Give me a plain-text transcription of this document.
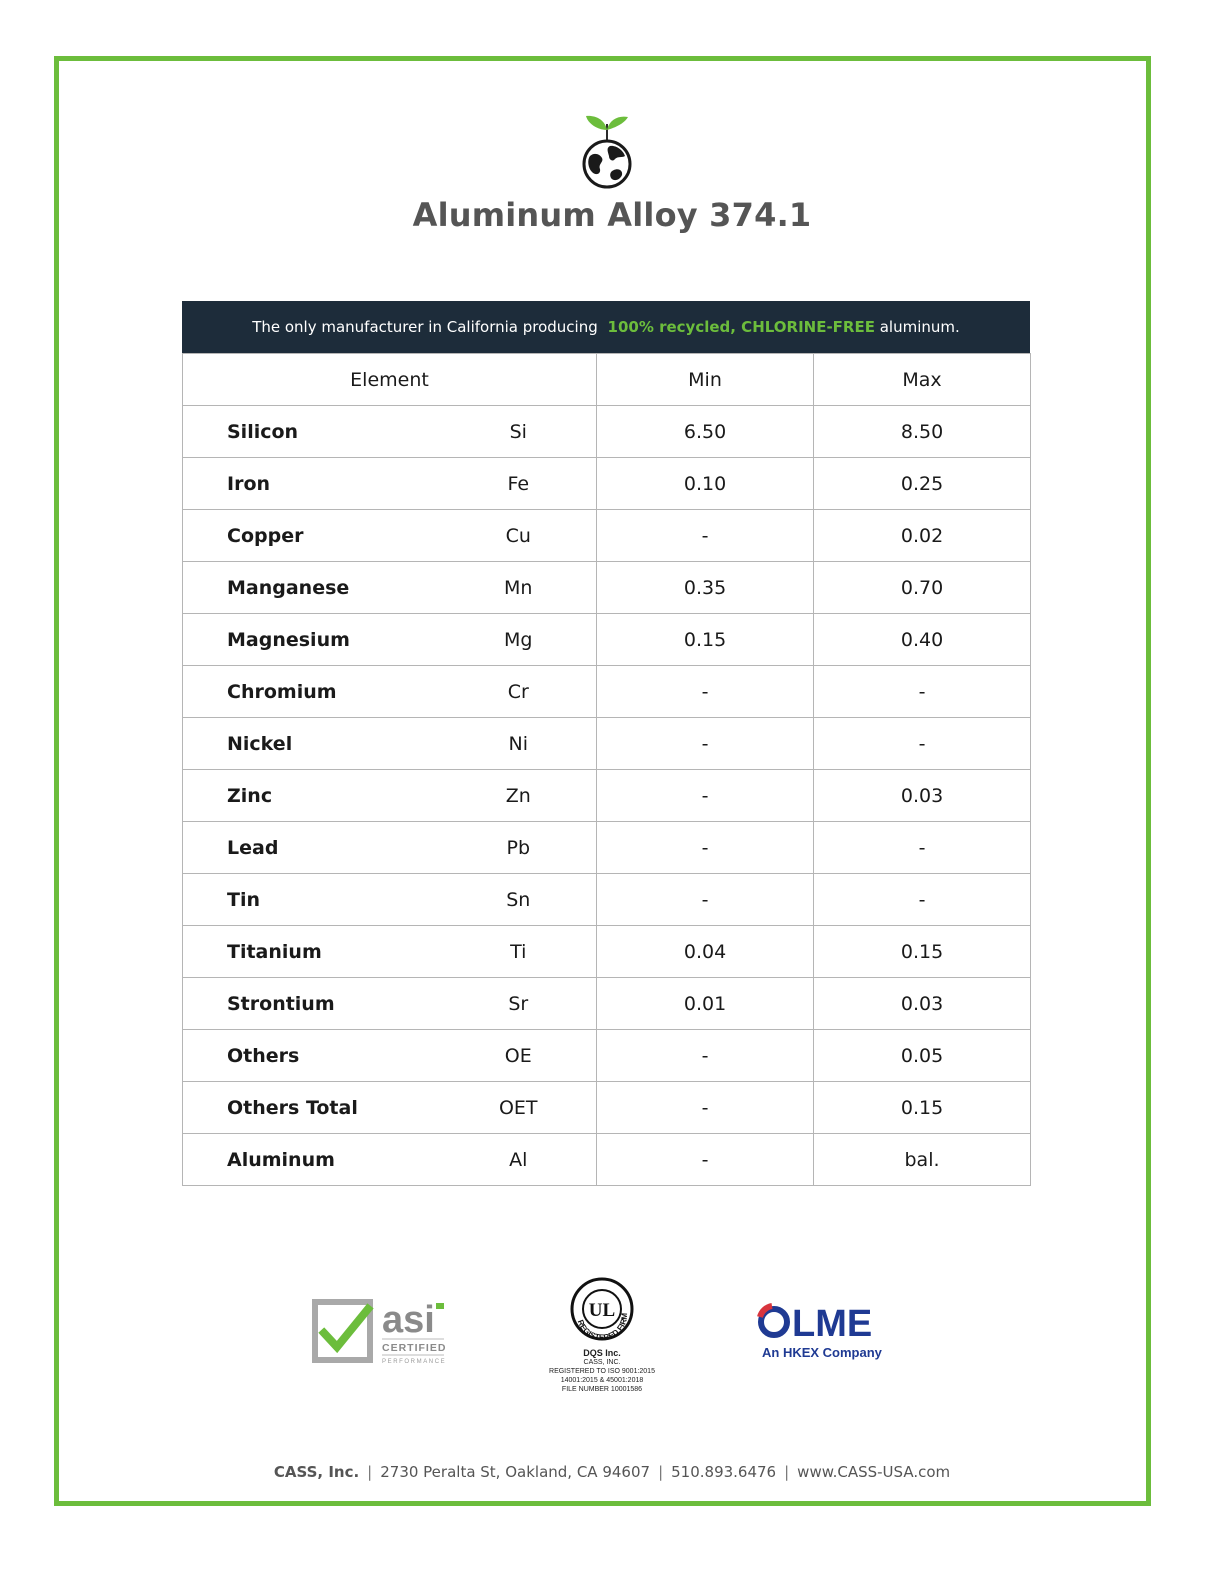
Aluminum Alloy 374.1
The only manufacturer in California producing 100% recycled, CHLORINE-FREE aluminum.
Element		Min	Max
Silicon	Si	6.50	8.50
Iron	Fe	0.10	0.25
Copper	Cu	-	0.02
Manganese	Mn	0.35	0.70
Magnesium	Mg	0.15	0.40
Chromium	Cr	-	-
Nickel	Ni	-	-
Zinc	Zn	-	0.03
Lead	Pb	-	-
Tin	Sn	-	-
Titanium	Ti	0.04	0.15
Strontium	Sr	0.01	0.03
Others	OE	-	0.05
Others Total	OET	-	0.15
Aluminum	Al	-	bal.
asi
CERTIFIED
PERFORMANCE
UL
REGISTERED FIRM
DQS Inc.
CASS, INC.
REGISTERED TO ISO 9001:2015
14001:2015 & 45001:2018
FILE NUMBER 10001586
LME
An HKEX Company
CASS, Inc. | 2730 Peralta St, Oakland, CA 94607 | 510.893.6476 | www.CASS-USA.com
